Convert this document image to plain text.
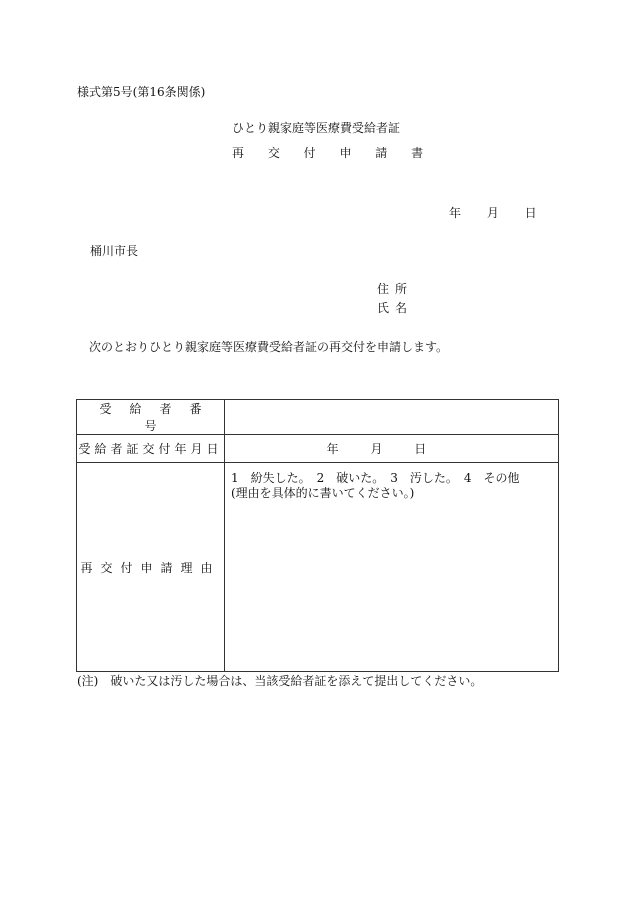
様式第5号(第16条関係)
ひとり親家庭等医療費受給者証
再 交 付 申 請 書
年 月 日
桶川市長
住所
氏名
次のとおりひとり親家庭等医療費受給者証の再交付を申請します。
受給者番号	
受給者証交付年月日	年 月 日
再交付申請理由	1　紛失した。　2　破いた。　3　汚した。　4　その他
(理由を具体的に書いてください。)
(注)　破いた又は汚した場合は、当該受給者証を添えて提出してください。
